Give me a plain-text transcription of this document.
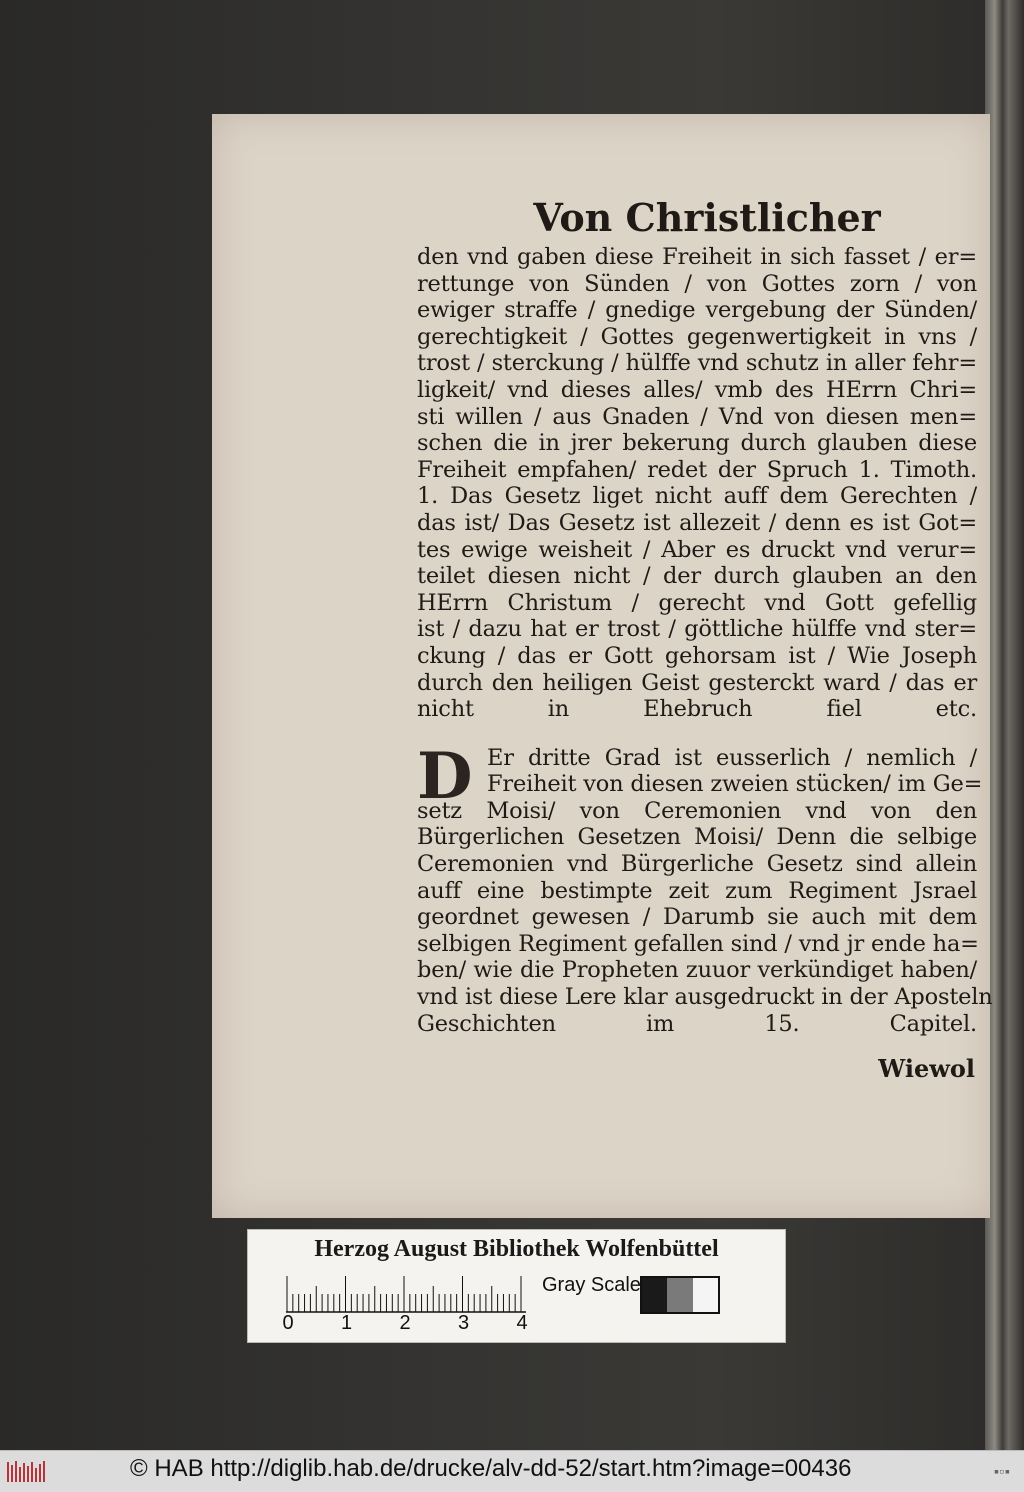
Von Christlicher
den vnd gaben diese Freiheit in sich fasset / er=
rettunge von Sünden / von Gottes zorn / von
ewiger straffe / gnedige vergebung der Sünden/
gerechtigkeit / Gottes gegenwertigkeit in vns /
trost / sterckung / hülffe vnd schutz in aller fehr=
ligkeit/ vnd dieses alles/ vmb des HErrn Chri=
sti willen / aus Gnaden / Vnd von diesen men=
schen die in jrer bekerung durch glauben diese
Freiheit empfahen/ redet der Spruch 1. Timoth.
1. Das Gesetz liget nicht auff dem Gerechten /
das ist/ Das Gesetz ist allezeit / denn es ist Got=
tes ewige weisheit / Aber es druckt vnd verur=
teilet diesen nicht / der durch glauben an den
HErrn Christum / gerecht vnd Gott gefellig
ist / dazu hat er trost / göttliche hülffe vnd ster=
ckung / das er Gott gehorsam ist / Wie Joseph
durch den heiligen Geist gesterckt ward / das er
nicht in Ehebruch fiel etc.
D Er dritte Grad ist eusserlich / nemlich /
Freiheit von diesen zweien stücken/ im Ge=
setz Moisi/ von Ceremonien vnd von den
Bürgerlichen Gesetzen Moisi/ Denn die selbige
Ceremonien vnd Bürgerliche Gesetz sind allein
auff eine bestimpte zeit zum Regiment Jsrael
geordnet gewesen / Darumb sie auch mit dem
selbigen Regiment gefallen sind / vnd jr ende ha=
ben/ wie die Propheten zuuor verkündiget haben/
vnd ist diese Lere klar ausgedruckt in der Aposteln
Geschichten im 15. Capitel.
Wiewol
Herzog August Bibliothek Wolfenbüttel
0 1 2 3 4
Gray Scale
© HAB http://diglib.hab.de/drucke/alv-dd-52/start.htm?image=00436	▪▫▪
